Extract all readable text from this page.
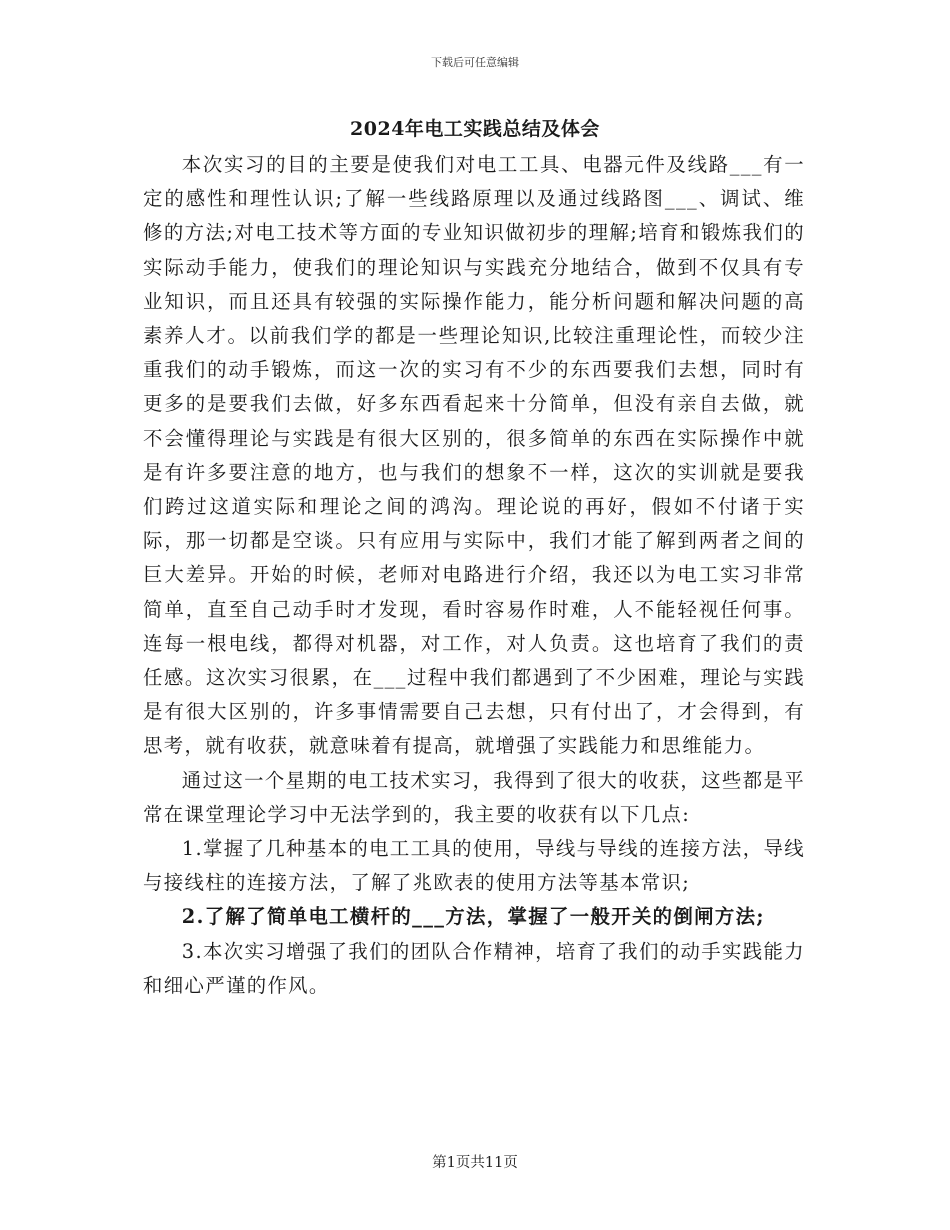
下载后可任意编辑
2024年电工实践总结及体会

本次实习的目的主要是使我们对电工工具、电器元件及线路___有一定的感性和理性认识;了解一些线路原理以及通过线路图___、调试、维修的方法;对电工技术等方面的专业知识做初步的理解;培育和锻炼我们的实际动手能力，使我们的理论知识与实践充分地结合，做到不仅具有专业知识，而且还具有较强的实际操作能力，能分析问题和解决问题的高素养人才。以前我们学的都是一些理论知识,比较注重理论性，而较少注重我们的动手锻炼，而这一次的实习有不少的东西要我们去想，同时有更多的是要我们去做，好多东西看起来十分简单，但没有亲自去做，就不会懂得理论与实践是有很大区别的，很多简单的东西在实际操作中就是有许多要注意的地方，也与我们的想象不一样，这次的实训就是要我们跨过这道实际和理论之间的鸿沟。理论说的再好，假如不付诸于实际，那一切都是空谈。只有应用与实际中，我们才能了解到两者之间的巨大差异。开始的时候，老师对电路进行介绍，我还以为电工实习非常简单，直至自己动手时才发现，看时容易作时难，人不能轻视任何事。连每一根电线，都得对机器，对工作，对人负责。这也培育了我们的责任感。这次实习很累，在___过程中我们都遇到了不少困难，理论与实践是有很大区别的，许多事情需要自己去想，只有付出了，才会得到，有思考，就有收获，就意味着有提高，就增强了实践能力和思维能力。

通过这一个星期的电工技术实习，我得到了很大的收获，这些都是平常在课堂理论学习中无法学到的，我主要的收获有以下几点:

1.掌握了几种基本的电工工具的使用，导线与导线的连接方法，导线与接线柱的连接方法，了解了兆欧表的使用方法等基本常识;

2.了解了简单电工横杆的___方法，掌握了一般开关的倒闸方法;

3.本次实习增强了我们的团队合作精神，培育了我们的动手实践能力和细心严谨的作风。

第1页共11页
